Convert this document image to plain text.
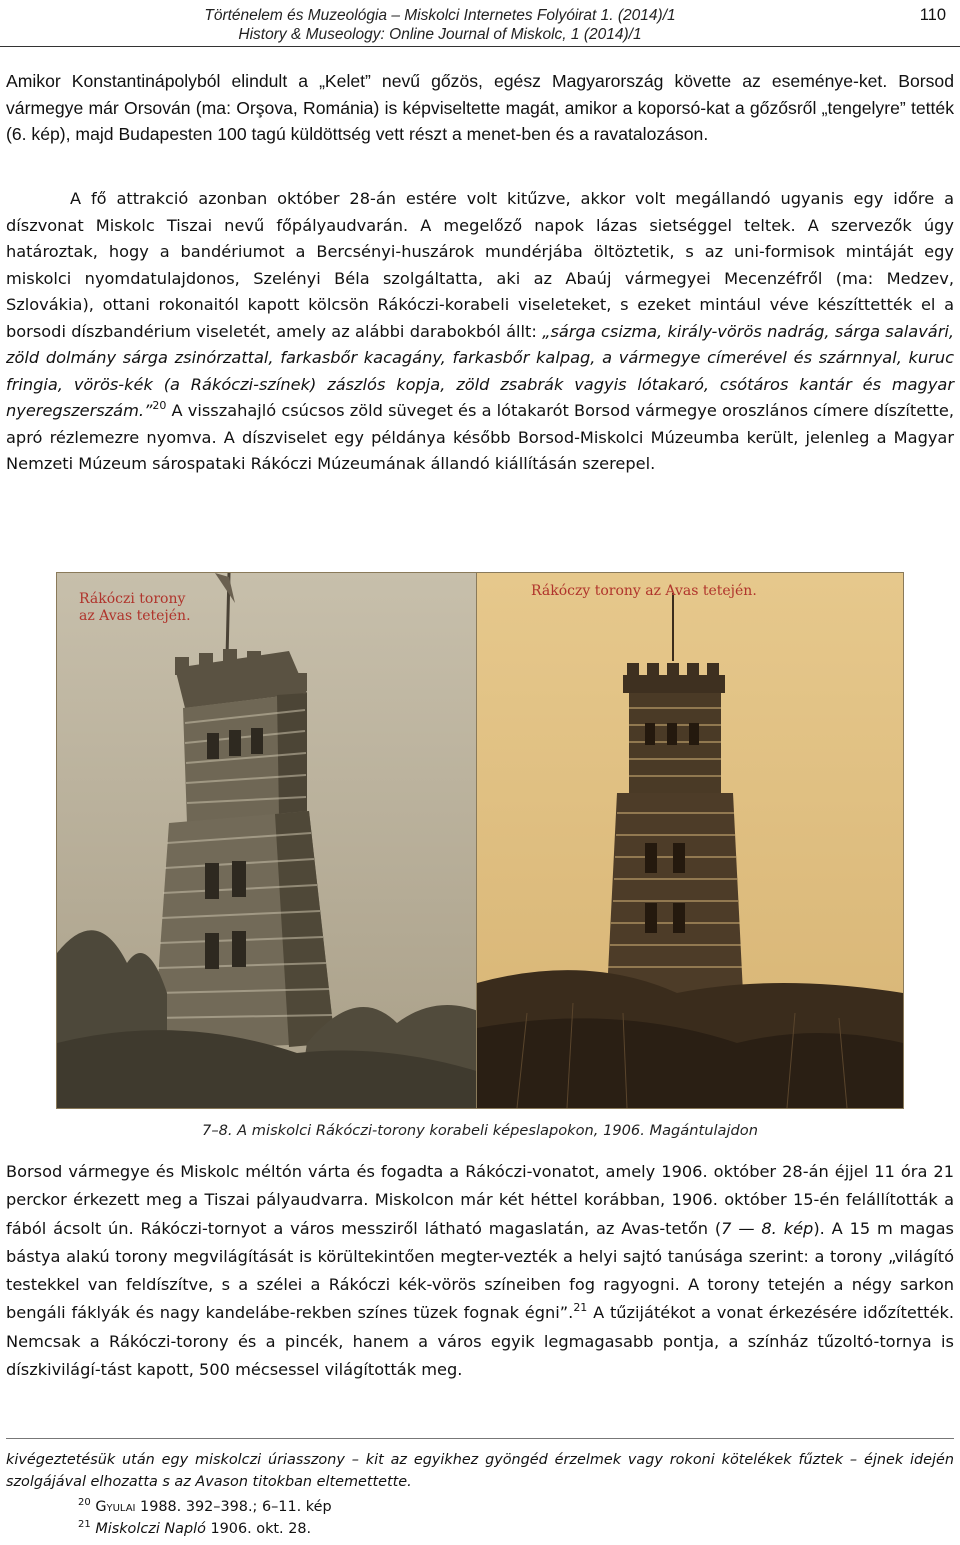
Történelem és Muzeológia – Miskolci Internetes Folyóirat 1. (2014)/1
History & Museology: Online Journal of Miskolc, 1 (2014)/1
110

Amikor Konstantinápolyból elindult a „Kelet” nevű gőzös, egész Magyarország követte az eseménye-ket. Borsod vármegye már Orsován (ma: Orşova, Románia) is képviseltette magát, amikor a koporsó-kat a gőzősről „tengelyre” tették (6. kép), majd Budapesten 100 tagú küldöttség vett részt a menet-ben és a ravatalozáson.

A fő attrakció azonban október 28-án estére volt kitűzve, akkor volt megállandó ugyanis egy időre a díszvonat Miskolc Tiszai nevű főpályaudvarán. A megelőző napok lázas sietséggel teltek. A szervezők úgy határoztak, hogy a bandériumot a Bercsényi-huszárok mundérjába öltöztetik, s az uni-formisok mintáját egy miskolci nyomdatulajdonos, Szelényi Béla szolgáltatta, aki az Abaúj vármegyei Mecenzéfről (ma: Medzev, Szlovákia), ottani rokonaitól kapott kölcsön Rákóczi-korabeli viseleteket, s ezeket mintául véve készíttették el a borsodi díszbandérium viseletét, amely az alábbi darabokból állt: „sárga csizma, király-vörös nadrág, sárga salavári, zöld dolmány sárga zsinórzattal, farkasbőr kacagány, farkasbőr kalpag, a vármegye címerével és szárnnyal, kuruc fringia, vörös-kék (a Rákóczi-színek) zászlós kopja, zöld zsabrák vagyis lótakaró, csótáros kantár és magyar nyeregszerszám.”$^{20}$ A visszahajló csúcsos zöld süveget és a lótakarót Borsod vármegye oroszlános címere díszítette, apró rézlemezre nyomva. A díszviselet egy példánya később Borsod-Miskolci Múzeumba került, jelenleg a Magyar Nemzeti Múzeum sárospataki Rákóczi Múzeumának állandó kiállításán szerepel.

Rákóczi torony az Avas tetején.
Rákóczy torony az Avas tetején.
7–8. A miskolci Rákóczi-torony korabeli képeslapokon, 1906. Magántulajdon

Borsod vármegye és Miskolc méltón várta és fogadta a Rákóczi-vonatot, amely 1906. október 28-án éjjel 11 óra 21 perckor érkezett meg a Tiszai pályaudvarra. Miskolcon már két héttel korábban, 1906. október 15-én felállították a fából ácsolt ún. Rákóczi-tornyot a város messziről látható magaslatán, az Avas-tetőn (7 — 8. kép). A 15 m magas bástya alakú torony megvilágítását is körültekintően megter-vezték a helyi sajtó tanúsága szerint: a torony „világító testekkel van feldíszítve, s a szélei a Rákóczi kék-vörös színeiben fog ragyogni. A torony tetején a négy sarkon bengáli fáklyák és nagy kandelábe-rekben színes tüzek fognak égni”.$^{21}$ A tűzijátékot a vonat érkezésére időzítették. Nemcsak a Rákóczi-torony és a pincék, hanem a város egyik legmagasabb pontja, a színház tűzoltó-tornya is díszkivilágí-tást kapott, 500 mécsessel világították meg.

kivégeztetésük után egy miskolczi úriasszony – kit az egyikhez gyöngéd érzelmek vagy rokoni kötelékek fűztek – éjnek idején szolgájával elhozatta s az Avason titokban eltemettette.
$^{20}$ Gyulai 1988. 392–398.; 6–11. kép
$^{21}$ Miskolczi Napló 1906. okt. 28.
